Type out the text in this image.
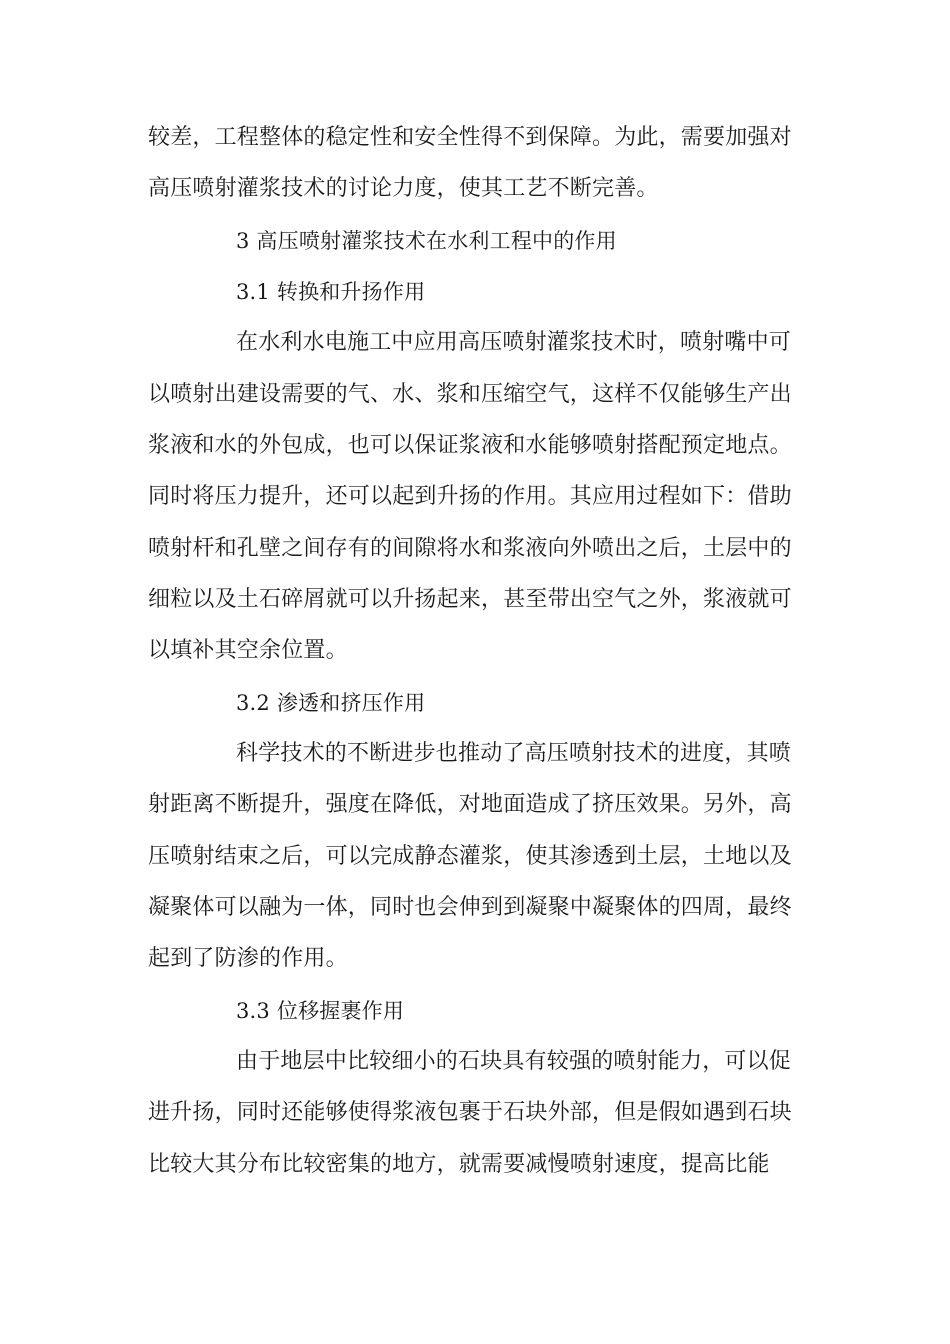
较差，工程整体的稳定性和安全性得不到保障。为此，需要加强对
高压喷射灌浆技术的讨论力度，使其工艺不断完善。
3 高压喷射灌浆技术在水利工程中的作用
3.1 转换和升扬作用
在水利水电施工中应用高压喷射灌浆技术时，喷射嘴中可
以喷射出建设需要的气、水、浆和压缩空气，这样不仅能够生产出
浆液和水的外包成，也可以保证浆液和水能够喷射搭配预定地点。
同时将压力提升，还可以起到升扬的作用。其应用过程如下：借助
喷射杆和孔壁之间存有的间隙将水和浆液向外喷出之后，土层中的
细粒以及土石碎屑就可以升扬起来，甚至带出空气之外，浆液就可
以填补其空余位置。
3.2 渗透和挤压作用
科学技术的不断进步也推动了高压喷射技术的进度，其喷
射距离不断提升，强度在降低，对地面造成了挤压效果。另外，高
压喷射结束之后，可以完成静态灌浆，使其渗透到土层，土地以及
凝聚体可以融为一体，同时也会伸到到凝聚中凝聚体的四周，最终
起到了防渗的作用。
3.3 位移握裹作用
由于地层中比较细小的石块具有较强的喷射能力，可以促
进升扬，同时还能够使得浆液包裹于石块外部，但是假如遇到石块
比较大其分布比较密集的地方，就需要减慢喷射速度，提高比能
